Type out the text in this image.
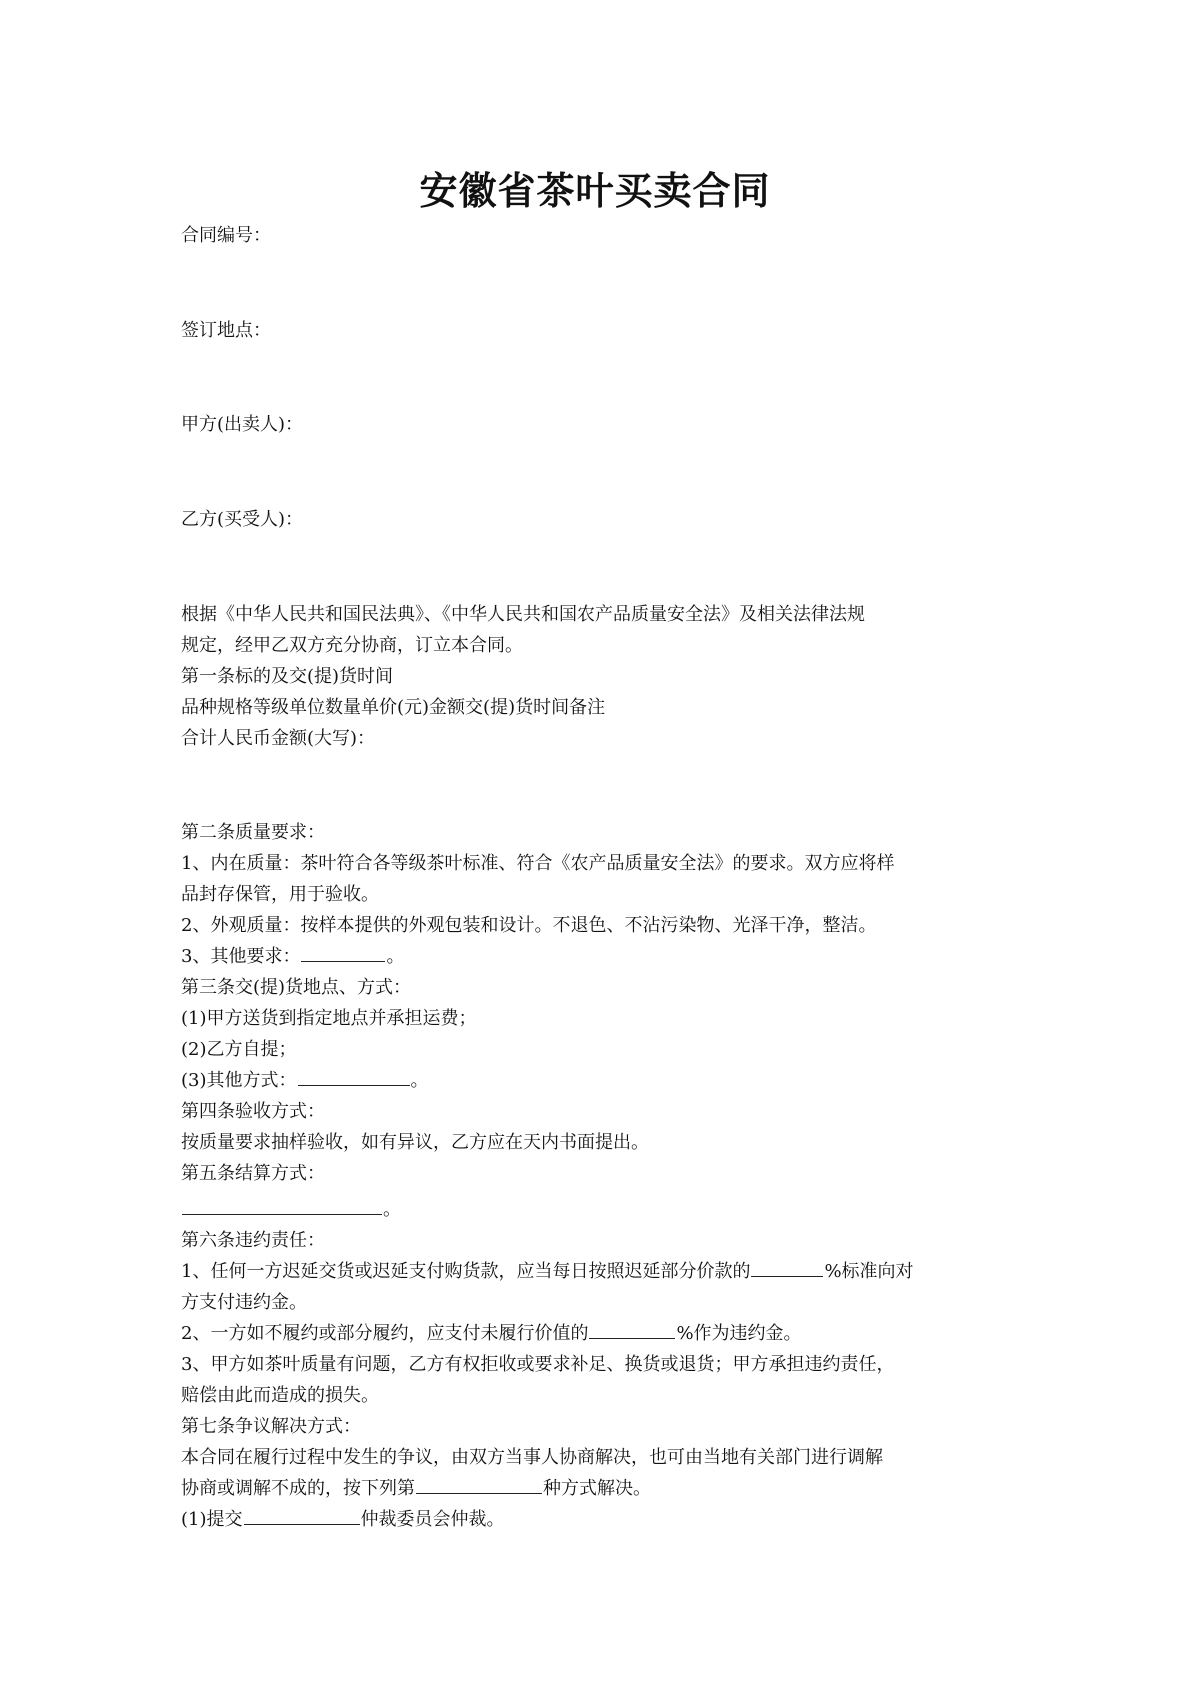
安徽省茶叶买卖合同
合同编号：
签订地点：
甲方(出卖人)：
乙方(买受人)：
根据《中华人民共和国民法典》、《中华人民共和国农产品质量安全法》及相关法律法规
规定，经甲乙双方充分协商，订立本合同。
第一条标的及交(提)货时间
品种规格等级单位数量单价(元)金额交(提)货时间备注
合计人民币金额(大写)：
第二条质量要求：
1、内在质量：茶叶符合各等级茶叶标准、符合《农产品质量安全法》的要求。双方应将样
品封存保管，用于验收。
2、外观质量：按样本提供的外观包装和设计。不退色、不沾污染物、光泽干净，整洁。
3、其他要求：	。
第三条交(提)货地点、方式：
(1)甲方送货到指定地点并承担运费；
(2)乙方自提；
(3)其他方式：	。
第四条验收方式：
按质量要求抽样验收，如有异议，乙方应在天内书面提出。
第五条结算方式：
。
第六条违约责任：
1、任何一方迟延交货或迟延支付购货款，应当每日按照迟延部分价款的	%标准向对
方支付违约金。
2、一方如不履约或部分履约，应支付未履行价值的	%作为违约金。
3、甲方如茶叶质量有问题，乙方有权拒收或要求补足、换货或退货；甲方承担违约责任，
赔偿由此而造成的损失。
第七条争议解决方式：
本合同在履行过程中发生的争议，由双方当事人协商解决，也可由当地有关部门进行调解
协商或调解不成的，按下列第	种方式解决。
(1)提交	仲裁委员会仲裁。
